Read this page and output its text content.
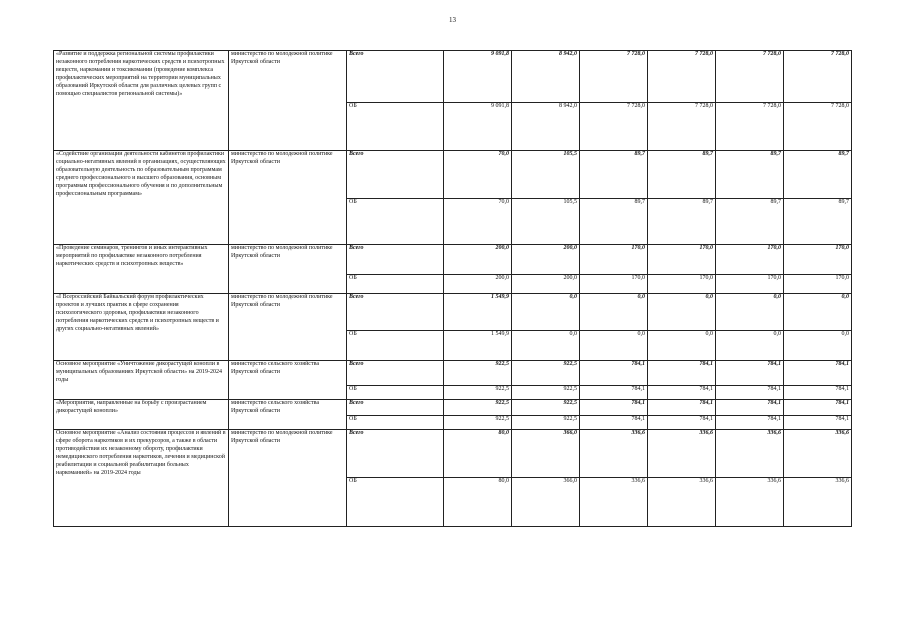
13
«Развитие и поддержка региональной системы профилактики незаконного потребления наркотических средств и психотропных веществ, наркомании и токсикомании (проведение комплекса профилактических мероприятий на территории муниципальных образований Иркутской области для различных целевых групп с помощью специалистов региональной системы)»	министерство по молодежной политике Иркутской области	Всего	9 091,8	8 942,0	7 728,0	7 728,0	7 728,0	7 728,0
		ОБ	9 091,8	8 942,0	7 728,0	7 728,0	7 728,0	7 728,0
«Содействие организации деятельности кабинетов профилактики социально-негативных явлений в организациях, осуществляющих образовательную деятельность по образовательным программам среднего профессионального и высшего образования, основным программам профессионального обучения и по дополнительным профессиональным программам»	министерство по молодежной политике Иркутской области	Всего	70,0	105,5	89,7	89,7	89,7	89,7
		ОБ	70,0	105,5	89,7	89,7	89,7	89,7
«Проведение семинаров, тренингов и иных интерактивных мероприятий по профилактике незаконного потребления наркотических средств и психотропных веществ»	министерство по молодежной политике Иркутской области	Всего	200,0	200,0	170,0	170,0	170,0	170,0
		ОБ	200,0	200,0	170,0	170,0	170,0	170,0
«I Всероссийский Байкальский форум профилактических проектов и лучших практик в сфере сохранения психологического здоровья, профилактики незаконного потребления наркотических средств и психотропных веществ и других социально-негативных явлений»	министерство по молодежной политике Иркутской области	Всего	1 549,9	0,0	0,0	0,0	0,0	0,0
		ОБ	1 549,9	0,0	0,0	0,0	0,0	0,0
Основное мероприятие «Уничтожение дикорастущей конопли в муниципальных образованиях Иркутской области» на 2019-2024 годы	министерство сельского хозяйства Иркутской области	Всего	922,5	922,5	784,1	784,1	784,1	784,1
		ОБ	922,5	922,5	784,1	784,1	784,1	784,1
«Мероприятия, направленные на борьбу с произрастанием дикорастущей конопли»	министерство сельского хозяйства Иркутской области	Всего	922,5	922,5	784,1	784,1	784,1	784,1
		ОБ	922,5	922,5	784,1	784,1	784,1	784,1
Основное мероприятие «Анализ состояния процессов и явлений в сфере оборота наркотиков и их прекурсоров, а также в области противодействия их незаконному обороту, профилактики немедицинского потребления наркотиков, лечения и медицинской реабилитации и социальной реабилитации больных наркоманией» на 2019-2024 годы	министерство по молодежной политике Иркутской области	Всего	80,0	366,0	336,6	336,6	336,6	336,6
		ОБ	80,0	366,0	336,6	336,6	336,6	336,6
